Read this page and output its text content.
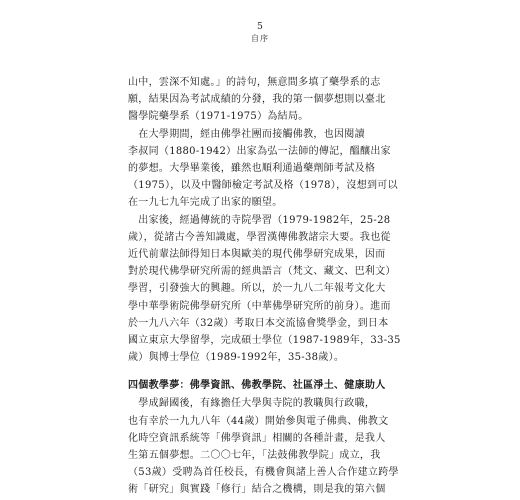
5
自序
山中，雲深不知處。」的詩句，無意間多填了藥學系的志
願，結果因為考試成績的分發，我的第一個夢想則以臺北
醫學院藥學系（1971-1975）為結局。
　在大學期間，經由佛學社團而接觸佛教，也因閱讀
李叔同（1880-1942）出家為弘一法師的傳記，醞釀出家
的夢想。大學畢業後，雖然也順利通過藥劑師考試及格
（1975），以及中醫師檢定考試及格（1978），沒想到可以
在一九七九年完成了出家的願望。
　出家後，經過傳統的寺院學習（1979-1982年，25-28
歲），從諸古今善知識處，學習漢傳佛教諸宗大要。我也從
近代前輩法師得知日本與歐美的現代佛學研究成果，因而
對於現代佛學研究所需的經典語言（梵文、藏文、巴利文）
學習，引發強大的興趣。所以，於一九八二年報考文化大
學中華學術院佛學研究所（中華佛學研究所的前身）。進而
於一九八六年（32歲）考取日本交流協會獎學金，到日本
國立東京大學留學，完成碩士學位（1987-1989年，33-35
歲）與博士學位（1989-1992年，35-38歲）。
四個教學夢：佛學資訊、佛教學院、社區淨土、健康助人
　學成歸國後，有緣擔任大學與寺院的教職與行政職，
也有幸於一九九八年（44歲）開始參與電子佛典、佛教文
化時空資訊系統等「佛學資訊」相關的各種計畫，是我人
生第五個夢想。二〇〇七年，「法鼓佛教學院」成立，我
（53歲）受聘為首任校長，有機會與諸上善人合作建立跨學
術「研究」與實踐「修行」結合之機構，則是我的第六個
